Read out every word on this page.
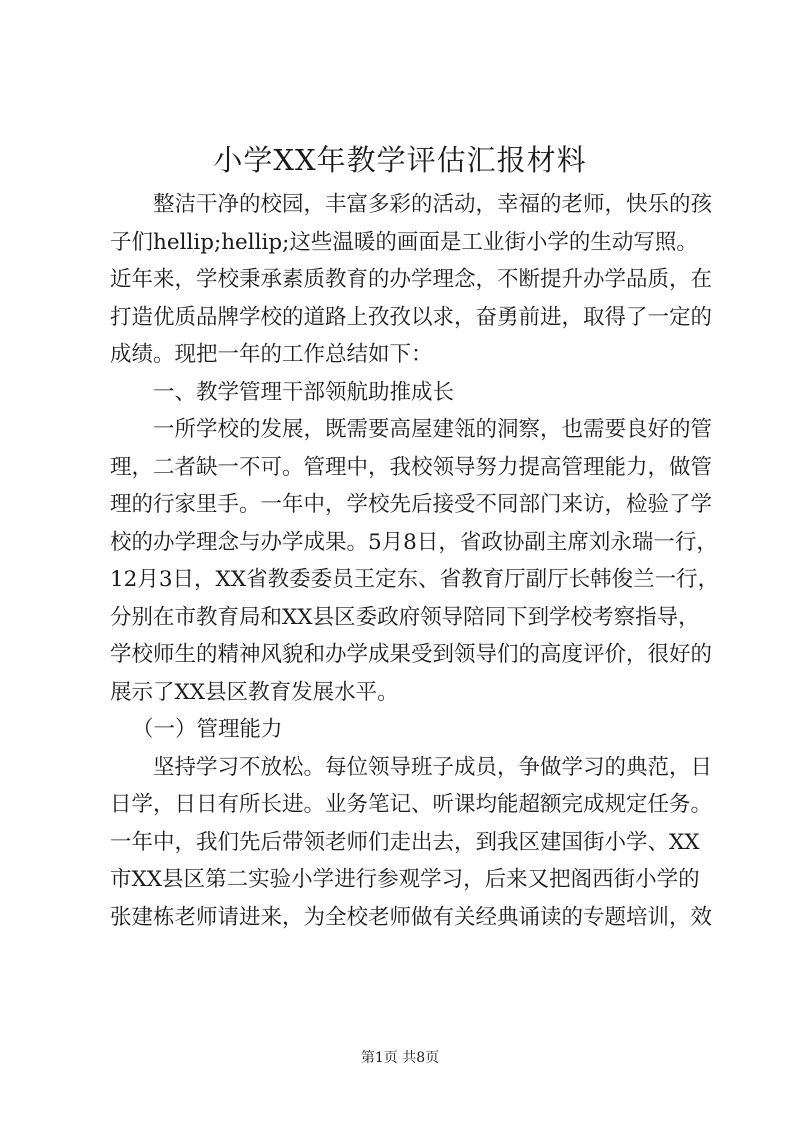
小学XX年教学评估汇报材料
整洁干净的校园，丰富多彩的活动，幸福的老师，快乐的孩
子们hellip;hellip;这些温暖的画面是工业街小学的生动写照。
近年来，学校秉承素质教育的办学理念，不断提升办学品质，在
打造优质品牌学校的道路上孜孜以求，奋勇前进，取得了一定的
成绩。现把一年的工作总结如下：
一、教学管理干部领航助推成长
一所学校的发展，既需要高屋建瓴的洞察，也需要良好的管
理，二者缺一不可。管理中，我校领导努力提高管理能力，做管
理的行家里手。一年中，学校先后接受不同部门来访，检验了学
校的办学理念与办学成果。5月8日，省政协副主席刘永瑞一行，
12月3日，XX省教委委员王定东、省教育厅副厅长韩俊兰一行，
分别在市教育局和XX县区委政府领导陪同下到学校考察指导，
学校师生的精神风貌和办学成果受到领导们的高度评价，很好的
展示了XX县区教育发展水平。
（一）管理能力
坚持学习不放松。每位领导班子成员，争做学习的典范，日
日学，日日有所长进。业务笔记、听课均能超额完成规定任务。
一年中，我们先后带领老师们走出去，到我区建国街小学、XX
市XX县区第二实验小学进行参观学习，后来又把阁西街小学的
张建栋老师请进来，为全校老师做有关经典诵读的专题培训，效
第1页 共8页
